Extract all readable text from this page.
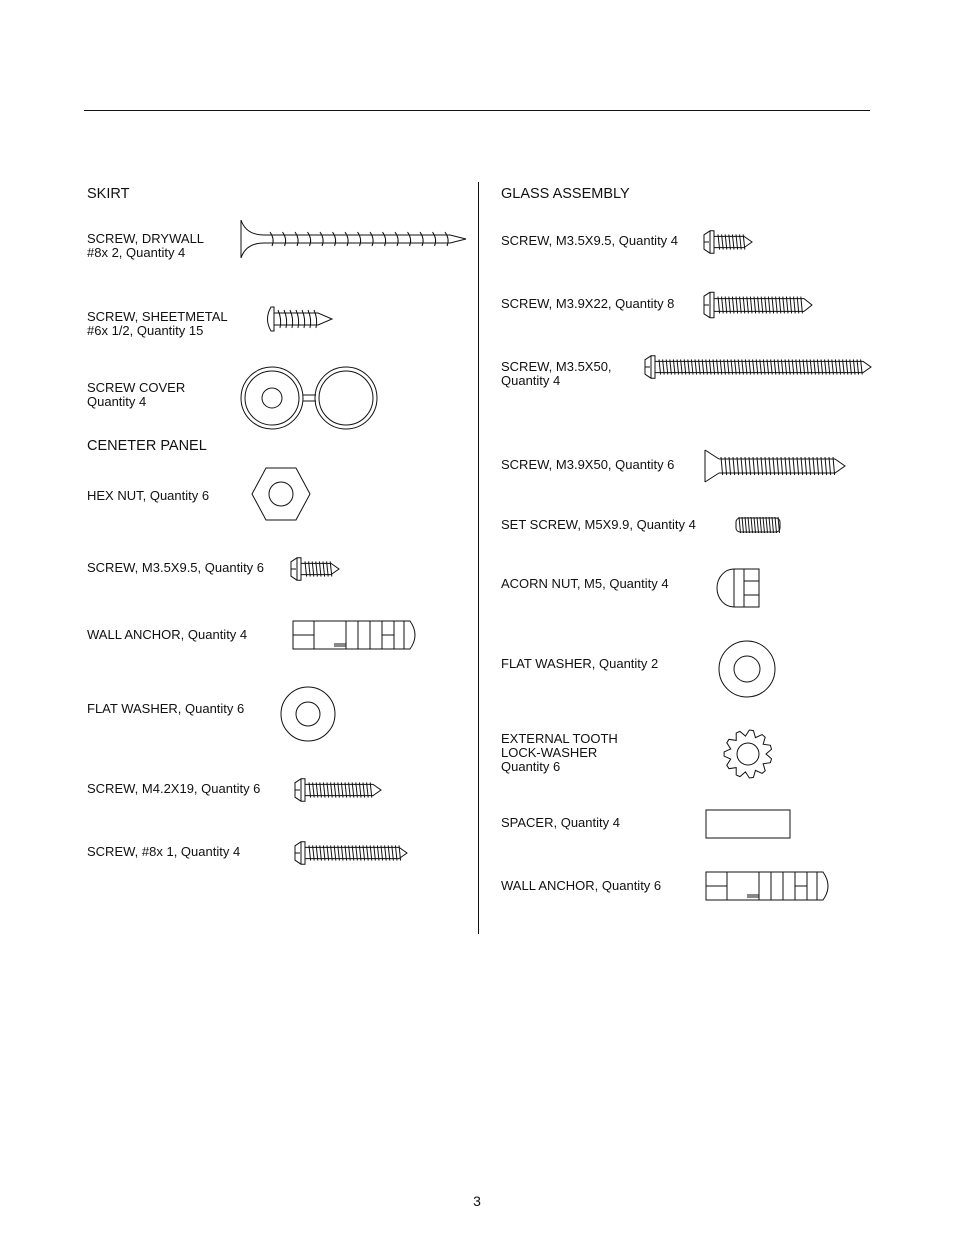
SKIRT
SCREW, DRYWALL
#8x 2, Quantity 4
SCREW, SHEETMETAL
#6x 1/2, Quantity 15
SCREW COVER
Quantity 4
CENETER PANEL
HEX NUT, Quantity 6
SCREW, M3.5X9.5, Quantity 6
WALL ANCHOR, Quantity 4
FLAT WASHER, Quantity 6
SCREW, M4.2X19, Quantity 6
SCREW, #8x 1, Quantity 4
GLASS ASSEMBLY
SCREW, M3.5X9.5, Quantity 4
SCREW, M3.9X22, Quantity 8
SCREW, M3.5X50,
Quantity 4
SCREW, M3.9X50, Quantity 6
SET SCREW, M5X9.9, Quantity 4
ACORN NUT, M5, Quantity 4
FLAT WASHER, Quantity 2
EXTERNAL TOOTH
LOCK-WASHER
Quantity 6
SPACER, Quantity 4
WALL ANCHOR, Quantity 6
3
